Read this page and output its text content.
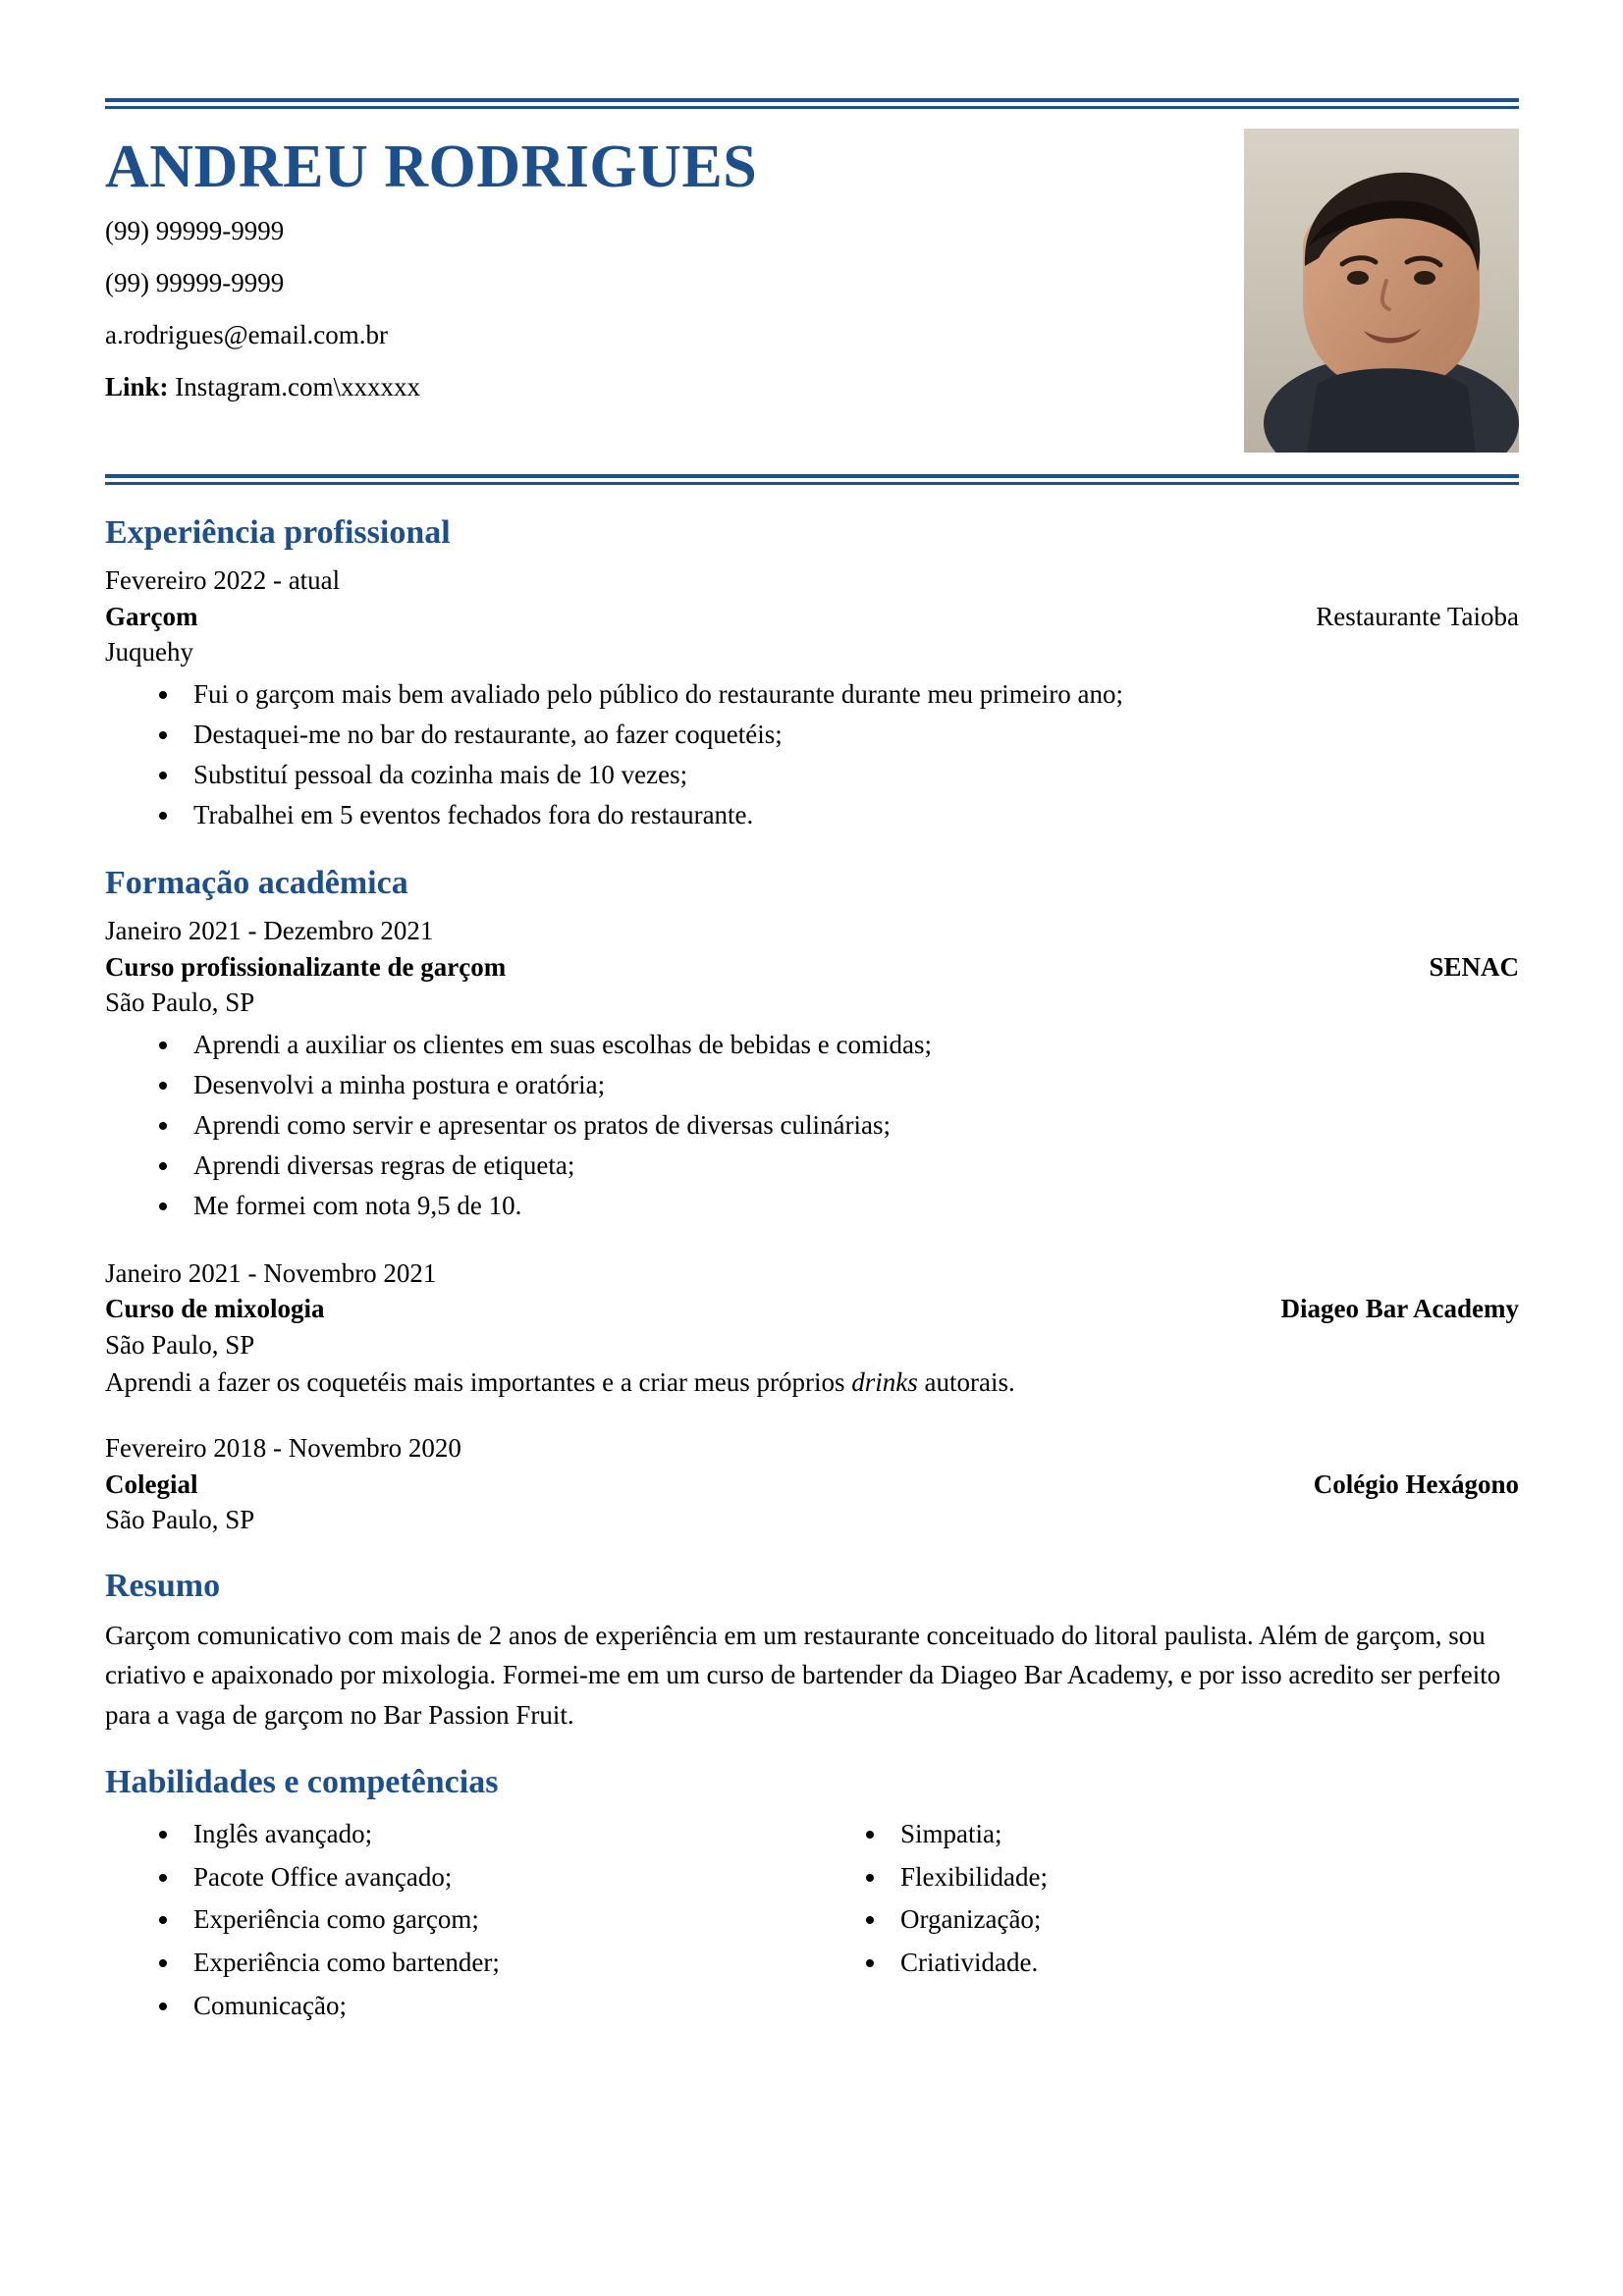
ANDREU RODRIGUES
(99) 99999-9999
(99) 99999-9999
a.rodrigues@email.com.br
Link: Instagram.com\xxxxxx
Experiência profissional
Fevereiro 2022 - atual
Garçom	Restaurante Taioba
Juquehy
• Fui o garçom mais bem avaliado pelo público do restaurante durante meu primeiro ano;
• Destaquei-me no bar do restaurante, ao fazer coquetéis;
• Substituí pessoal da cozinha mais de 10 vezes;
• Trabalhei em 5 eventos fechados fora do restaurante.
Formação acadêmica
Janeiro 2021 - Dezembro 2021
Curso profissionalizante de garçom	SENAC
São Paulo, SP
• Aprendi a auxiliar os clientes em suas escolhas de bebidas e comidas;
• Desenvolvi a minha postura e oratória;
• Aprendi como servir e apresentar os pratos de diversas culinárias;
• Aprendi diversas regras de etiqueta;
• Me formei com nota 9,5 de 10.
Janeiro 2021 - Novembro 2021
Curso de mixologia	Diageo Bar Academy
São Paulo, SP
Aprendi a fazer os coquetéis mais importantes e a criar meus próprios drinks autorais.
Fevereiro 2018 - Novembro 2020
Colegial	Colégio Hexágono
São Paulo, SP
Resumo
Garçom comunicativo com mais de 2 anos de experiência em um restaurante conceituado do litoral paulista. Além de garçom, sou criativo e apaixonado por mixologia. Formei-me em um curso de bartender da Diageo Bar Academy, e por isso acredito ser perfeito para a vaga de garçom no Bar Passion Fruit.
Habilidades e competências
• Inglês avançado;
• Pacote Office avançado;
• Experiência como garçom;
• Experiência como bartender;
• Comunicação;
• Simpatia;
• Flexibilidade;
• Organização;
• Criatividade.
